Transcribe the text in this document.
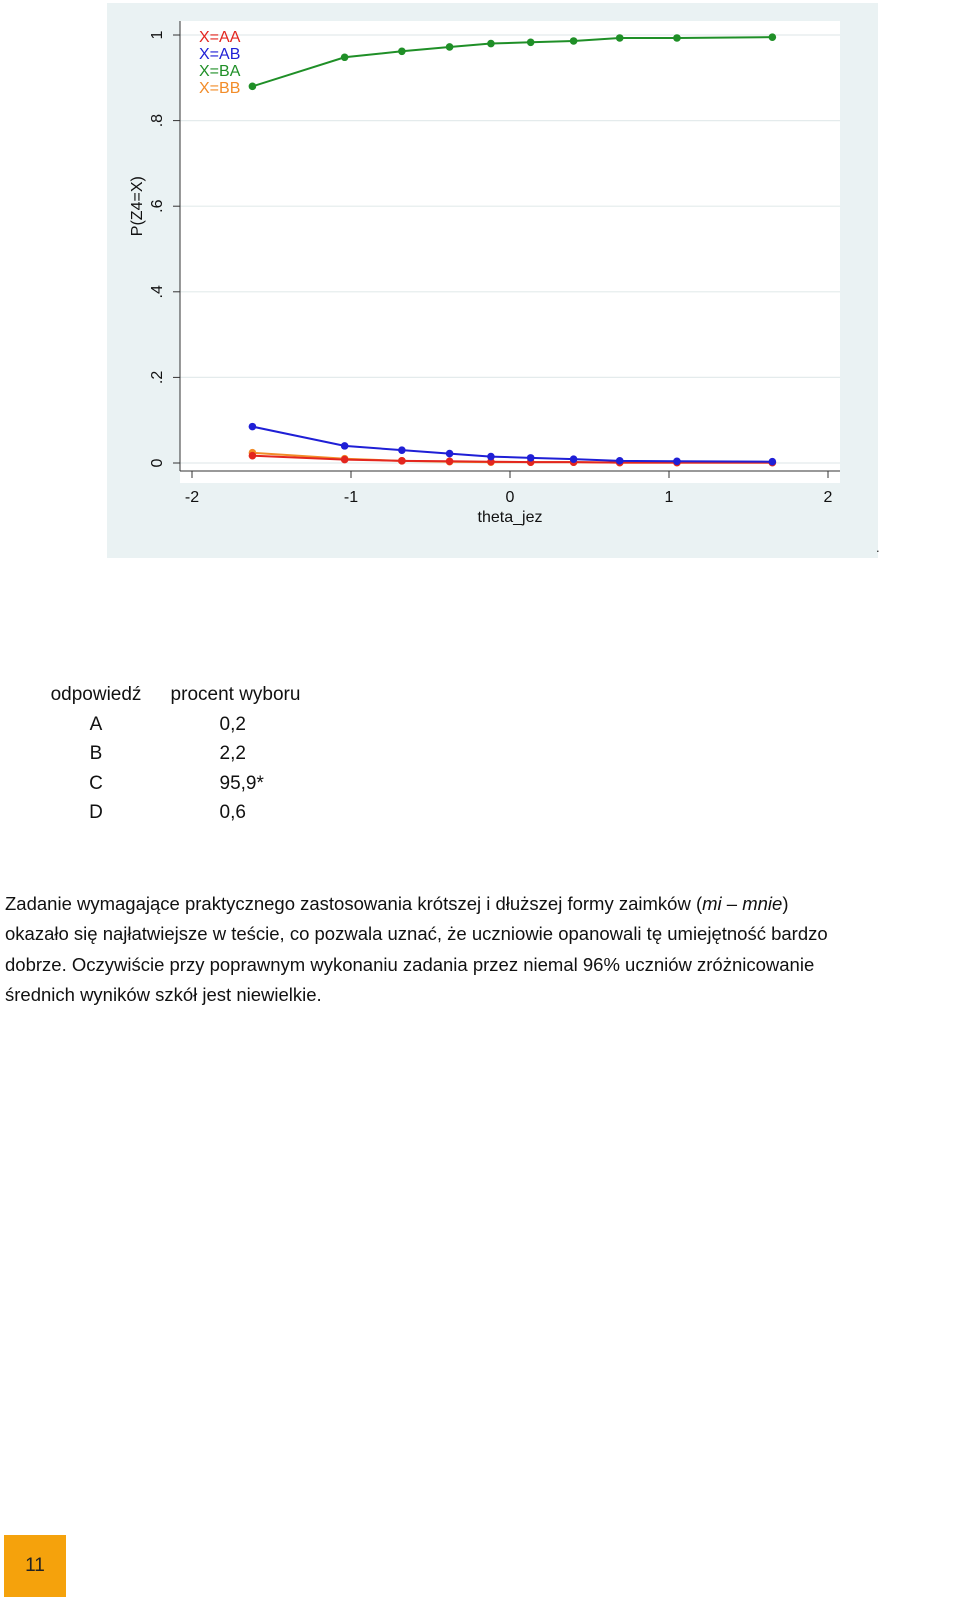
0
.2
.4
.6
.8
1
-2	-1	0	1	2
theta_jez
P(Z4=X)
X=AA
X=AB
X=BA
X=BB
.
odpowiedź	procent wyboru
A	0,2
B	2,2
C	95,9*
D	0,6
Zadanie wymagające praktycznego zastosowania krótszej i dłuższej formy zaimków (mi – mnie)
okazało się najłatwiejsze w teście, co pozwala uznać, że uczniowie opanowali tę umiejętność bardzo
dobrze. Oczywiście przy poprawnym wykonaniu zadania przez niemal 96% uczniów zróżnicowanie
średnich wyników szkół jest niewielkie.
11
